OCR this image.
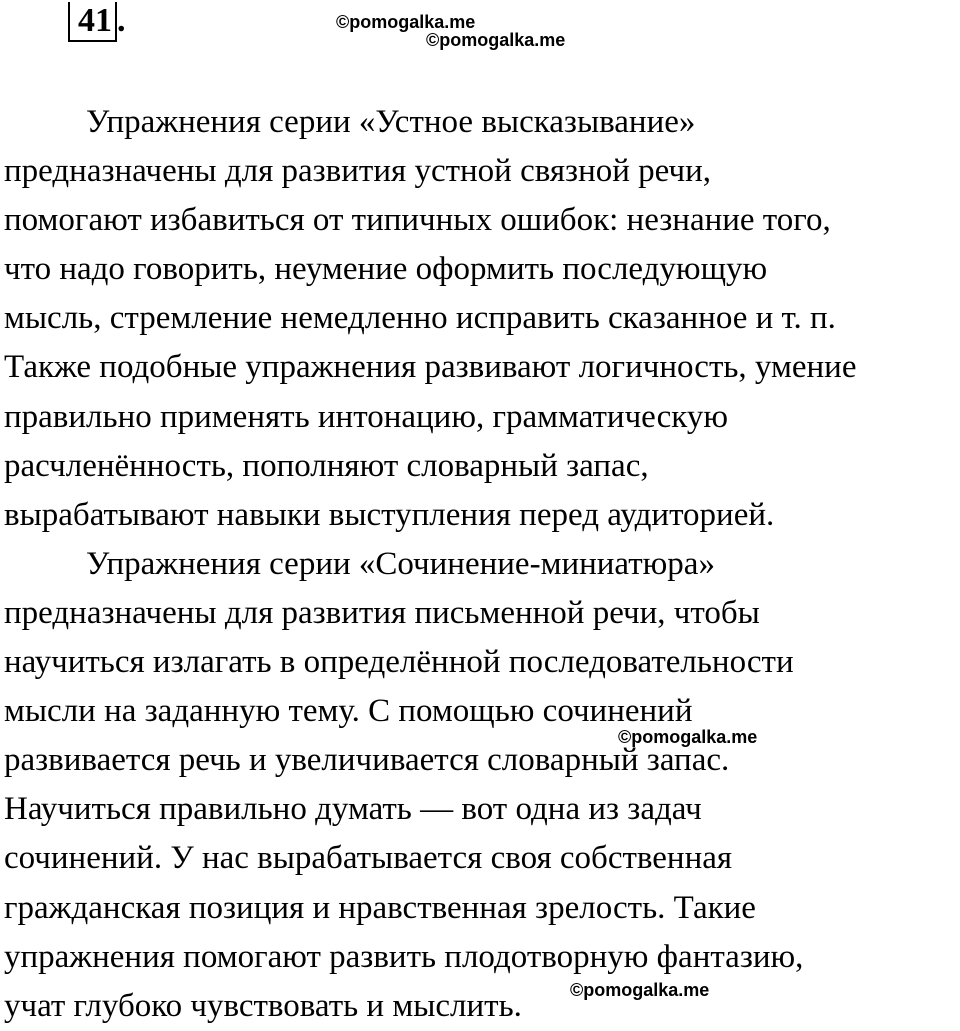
41 .	©pomogalka.me
©pomogalka.me
Упражнения серии «Устное высказывание»
предназначены для развития устной связной речи,
помогают избавиться от типичных ошибок: незнание того,
что надо говорить, неумение оформить последующую
мысль, стремление немедленно исправить сказанное и т. п.
Также подобные упражнения развивают логичность, умение
правильно применять интонацию, грамматическую
расчленённость, пополняют словарный запас,
вырабатывают навыки выступления перед аудиторией.
Упражнения серии «Сочинение-миниатюра»
предназначены для развития письменной речи, чтобы
научиться излагать в определённой последовательности
мысли на заданную тему. С помощью сочинений
развивается речь и увеличивается словарный запас.
Научиться правильно думать — вот одна из задач
сочинений. У нас вырабатывается своя собственная
гражданская позиция и нравственная зрелость. Такие
упражнения помогают развить плодотворную фантазию,
учат глубоко чувствовать и мыслить.
©pomogalka.me
©pomogalka.me
